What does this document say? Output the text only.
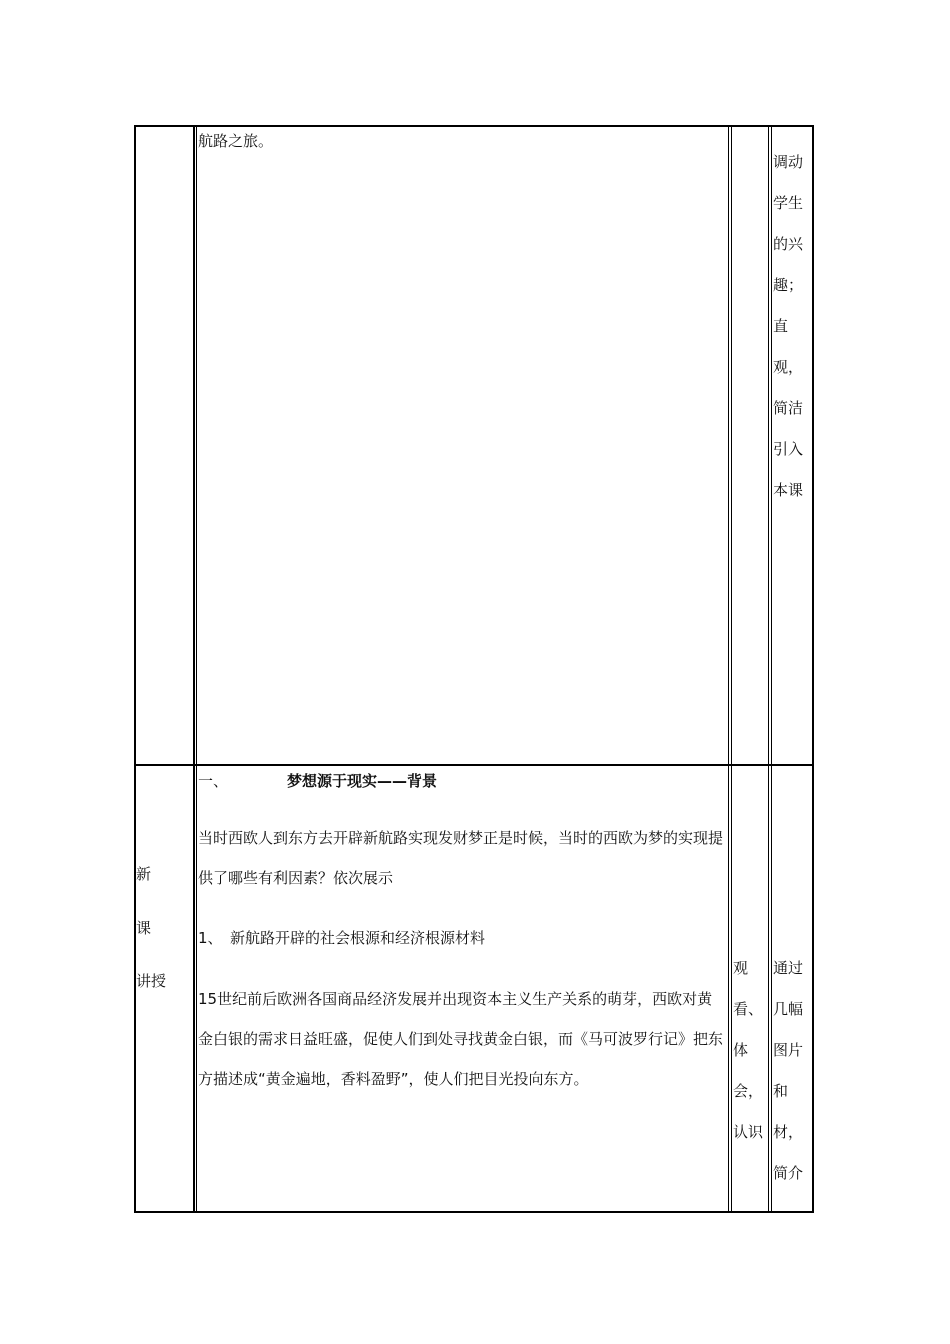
航路之旅。
调动
学生
的兴
趣；
直
观，
简洁
引入
本课
新
课
讲授
一、	梦想源于现实——背景
当时西欧人到东方去开辟新航路实现发财梦正是时候，当时的西欧为梦的实现提供了哪些有利因素？依次展示
1、 新航路开辟的社会根源和经济根源材料
15世纪前后欧洲各国商品经济发展并出现资本主义生产关系的萌芽，西欧对黄金白银的需求日益旺盛，促使人们到处寻找黄金白银，而《马可波罗行记》把东方描述成“黄金遍地，香料盈野”，使人们把目光投向东方。
观
看、
体
会，
认识
通过
几幅
图片
和
材，
简介
